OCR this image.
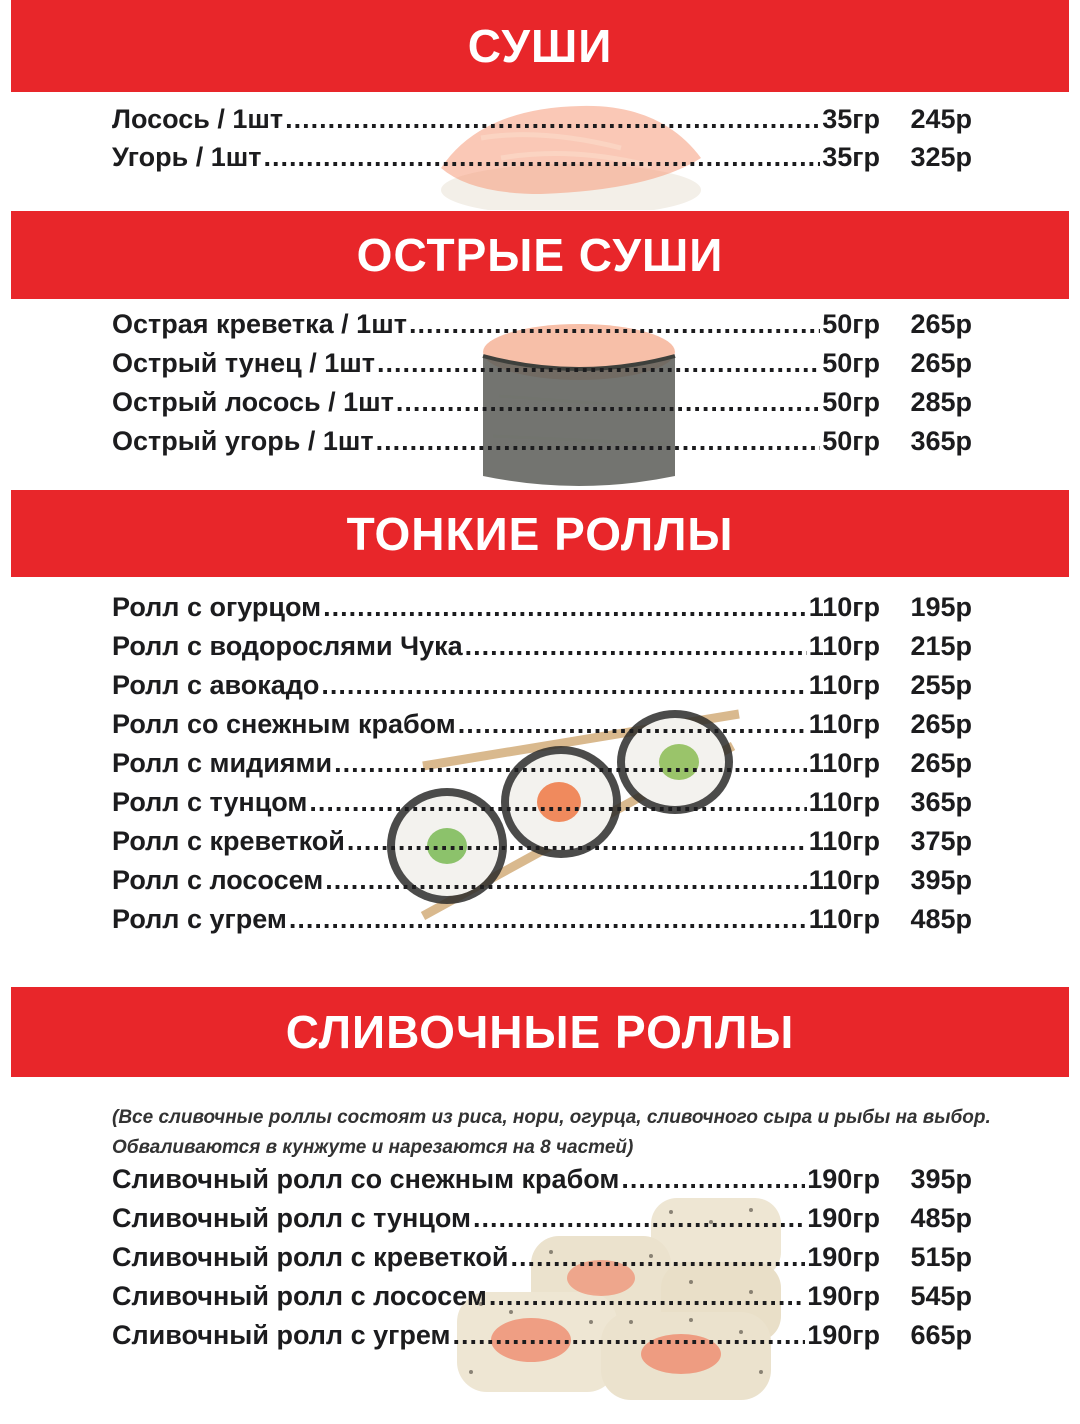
СУШИ
ОСТРЫЕ СУШИ
ТОНКИЕ РОЛЛЫ
СЛИВОЧНЫЕ РОЛЛЫ
Лосось / 1шт .....	35гр	245р
Угорь / 1шт .....	35гр	325р
Острая креветка / 1шт .....	50гр	265р
Острый тунец / 1шт .....	50гр	265р
Острый лосось / 1шт .....	50гр	285р
Острый угорь / 1шт .....	50гр	365р
Ролл с огурцом .....	110гр	195р
Ролл с водорослями Чука .....	110гр	215р
Ролл с авокадо .....	110гр	255р
Ролл со снежным крабом .....	110гр	265р
Ролл с мидиями .....	110гр	265р
Ролл с тунцом .....	110гр	365р
Ролл с креветкой .....	110гр	375р
Ролл с лососем .....	110гр	395р
Ролл с угрем .....	110гр	485р
(Все сливочные роллы состоят из риса, нори, огурца, сливочного сыра и рыбы на выбор. Обваливаются в кунжуте и нарезаются на 8 частей)
Сливочный ролл со снежным крабом .....	190гр	395р
Сливочный ролл с тунцом .....	190гр	485р
Сливочный ролл с креветкой .....	190гр	515р
Сливочный ролл с лососем .....	190гр	545р
Сливочный ролл с угрем .....	190гр	665р
